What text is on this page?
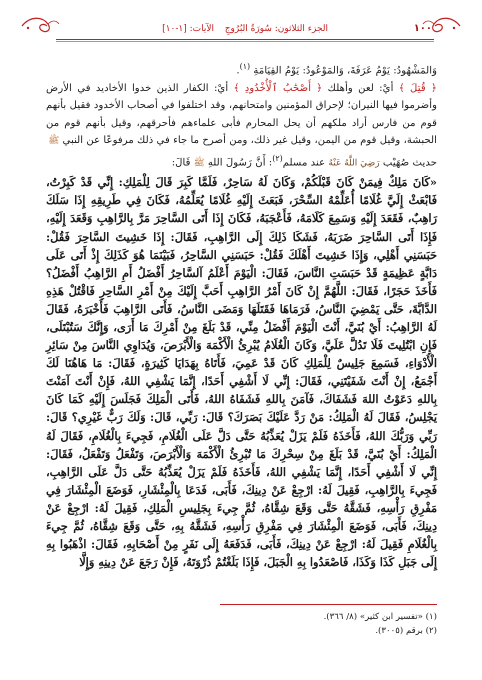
١٠٠
الجزء الثلاثون: سُورَةُ البُرُوجِ
الآيات: [١-١٠]

وَالمَشْهُودُ: يَوْمُ عَرَفَةَ، وَالمَوْعُودُ: يَوْمُ القِيَامَةِ $^{(١)}$.

﴿ قُتِلَ ﴾ أيْ: لعن وأهلك ﴿ أَصْحَٰبُ ٱلْأُخْدُودِ ﴾ أيْ: الكفار الذين خدوا الأخاديد في الأرض وأضرموا فيها النيران؛ لإحراق المؤمنين وامتحانهم، وقد اختلفوا في أصحاب الأخدود فقيل بأنهم قوم من فارس أراد ملكهم أن يحل المحارم فأبى علماءهم فأحرقهم، وقيل بأنهم قوم من الحبشة، وقيل قوم من اليمن، وقيل غير ذلك، ومن أصرح ما جاء في ذلك مرفوعًا عن النبي ﷺ

حديث صُهَيْب رَضِيَ اللَّهُ عَنْهُ عند مسلم$^{(٢)}$: أَنَّ رَسُولَ اللهِ ﷺ قَالَ:

«كَانَ مَلِكٌ فِيمَنْ كَانَ قَبْلَكُمْ، وَكَانَ لَهُ سَاحِرٌ، فَلَمَّا كَبِرَ قَالَ لِلْمَلِكِ: إِنِّي قَدْ كَبِرْتُ، فَابْعَثْ إِلَيَّ غُلَامًا أُعَلِّمْهُ السِّحْرَ، فَبَعَثَ إِلَيْهِ غُلَامًا يُعَلِّمُهُ، فَكَانَ فِي طَرِيقِهِ إِذَا سَلَكَ رَاهِبٌ، فَقَعَدَ إِلَيْهِ وَسَمِعَ كَلَامَهُ، فَأَعْجَبَهُ، فَكَانَ إِذَا أَتَى السَّاحِرَ مَرَّ بِالرَّاهِبِ وَقَعَدَ إِلَيْهِ، فَإِذَا أَتَى السَّاحِرَ ضَرَبَهُ، فَشَكَا ذَلِكَ إِلَى الرَّاهِبِ، فَقَالَ: إِذَا خَشِيتَ السَّاحِرَ فَقُلْ: حَبَسَنِي أَهْلِي، وَإِذَا خَشِيتَ أَهْلَكَ فَقُلْ: حَبَسَنِي السَّاحِرُ، فَبَيْنَمَا هُوَ كَذَلِكَ إِذْ أَتَى عَلَى دَابَّةٍ عَظِيمَةٍ قَدْ حَبَسَتِ النَّاسَ، فَقَالَ: الْيَوْمَ أَعْلَمُ آلسَّاحِرُ أَفْضَلُ أَمِ الرَّاهِبُ أَفْضَلُ؟ فَأَخَذَ حَجَرًا، فَقَالَ: اللَّهُمَّ إِنْ كَانَ أَمْرُ الرَّاهِبِ أَحَبَّ إِلَيْكَ مِنْ أَمْرِ السَّاحِرِ فَاقْتُلْ هَذِهِ الدَّابَّةَ، حَتَّى يَمْضِيَ النَّاسُ، فَرَمَاهَا فَقَتَلَهَا وَمَضَى النَّاسُ، فَأَتَى الرَّاهِبَ فَأَخْبَرَهُ، فَقَالَ لَهُ الرَّاهِبُ: أَيْ بُنَيَّ، أَنْتَ الْيَوْمَ أَفْضَلُ مِنِّي، قَدْ بَلَغَ مِنْ أَمْرِكَ مَا أَرَى، وَإِنَّكَ سَتُبْتَلَى، فَإِنِ ابْتُلِيتَ فَلَا تَدُلَّ عَلَيَّ، وَكَانَ الْغُلَامُ يُبْرِئُ الْأَكْمَهَ وَالْأَبْرَصَ، وَيُدَاوِي النَّاسَ مِنْ سَائِرِ الْأَدْوَاءِ، فَسَمِعَ جَلِيسٌ لِلْمَلِكِ كَانَ قَدْ عَمِيَ، فَأَتَاهُ بِهَدَايَا كَثِيرَةٍ، فَقَالَ: مَا هَاهُنَا لَكَ أَجْمَعُ، إِنْ أَنْتَ شَفَيْتَنِي، فَقَالَ: إِنِّي لَا أَشْفِي أَحَدًا، إِنَّمَا يَشْفِي اللهُ، فَإِنْ أَنْتَ آمَنْتَ بِاللهِ دَعَوْتُ اللهَ فَشَفَاكَ، فَآمَنَ بِاللهِ فَشَفَاهُ اللهُ، فَأَتَى الْمَلِكَ فَجَلَسَ إِلَيْهِ كَمَا كَانَ يَجْلِسُ، فَقَالَ لَهُ الْمَلِكُ: مَنْ رَدَّ عَلَيْكَ بَصَرَكَ؟ قَالَ: رَبِّي، قَالَ: وَلَكَ رَبٌّ غَيْرِي؟ قَالَ: رَبِّي وَرَبُّكَ اللهُ، فَأَخَذَهُ فَلَمْ يَزَلْ يُعَذِّبُهُ حَتَّى دَلَّ عَلَى الْغُلَامِ، فَجِيءَ بِالْغُلَامِ، فَقَالَ لَهُ الْمَلِكُ: أَيْ بُنَيَّ، قَدْ بَلَغَ مِنْ سِحْرِكَ مَا تُبْرِئُ الْأَكْمَهَ وَالْأَبْرَصَ، وَتَفْعَلُ وَتَفْعَلُ، فَقَالَ: إِنِّي لَا أَشْفِي أَحَدًا، إِنَّمَا يَشْفِي اللهُ، فَأَخَذَهُ فَلَمْ يَزَلْ يُعَذِّبُهُ حَتَّى دَلَّ عَلَى الرَّاهِبِ، فَجِيءَ بِالرَّاهِبِ، فَقِيلَ لَهُ: ارْجِعْ عَنْ دِينِكَ، فَأَبَى، فَدَعَا بِالْمِئْشَارِ، فَوَضَعَ الْمِئْشَارَ فِي مَفْرِقِ رَأْسِهِ، فَشَقَّهُ حَتَّى وَقَعَ شِقَّاهُ، ثُمَّ جِيءَ بِجَلِيسِ الْمَلِكِ، فَقِيلَ لَهُ: ارْجِعْ عَنْ دِينِكَ، فَأَبَى، فَوَضَعَ الْمِئْشَارَ فِي مَفْرِقِ رَأْسِهِ، فَشَقَّهُ بِهِ، حَتَّى وَقَعَ شِقَّاهُ، ثُمَّ جِيءَ بِالْغُلَامِ فَقِيلَ لَهُ: ارْجِعْ عَنْ دِينِكَ، فَأَبَى، فَدَفَعَهُ إِلَى نَفَرٍ مِنْ أَصْحَابِهِ، فَقَالَ: اذْهَبُوا بِهِ إِلَى جَبَلِ كَذَا وَكَذَا، فَاصْعَدُوا بِهِ الْجَبَلَ، فَإِذَا بَلَغْتُمْ ذُرْوَتَهُ، فَإِنْ رَجَعَ عَنْ دِينِهِ وَإِلَّا

(١) «تفسير ابن كثير» (٨/ ٣٦٦).
(٢) برقم (٣٠٠٥).
